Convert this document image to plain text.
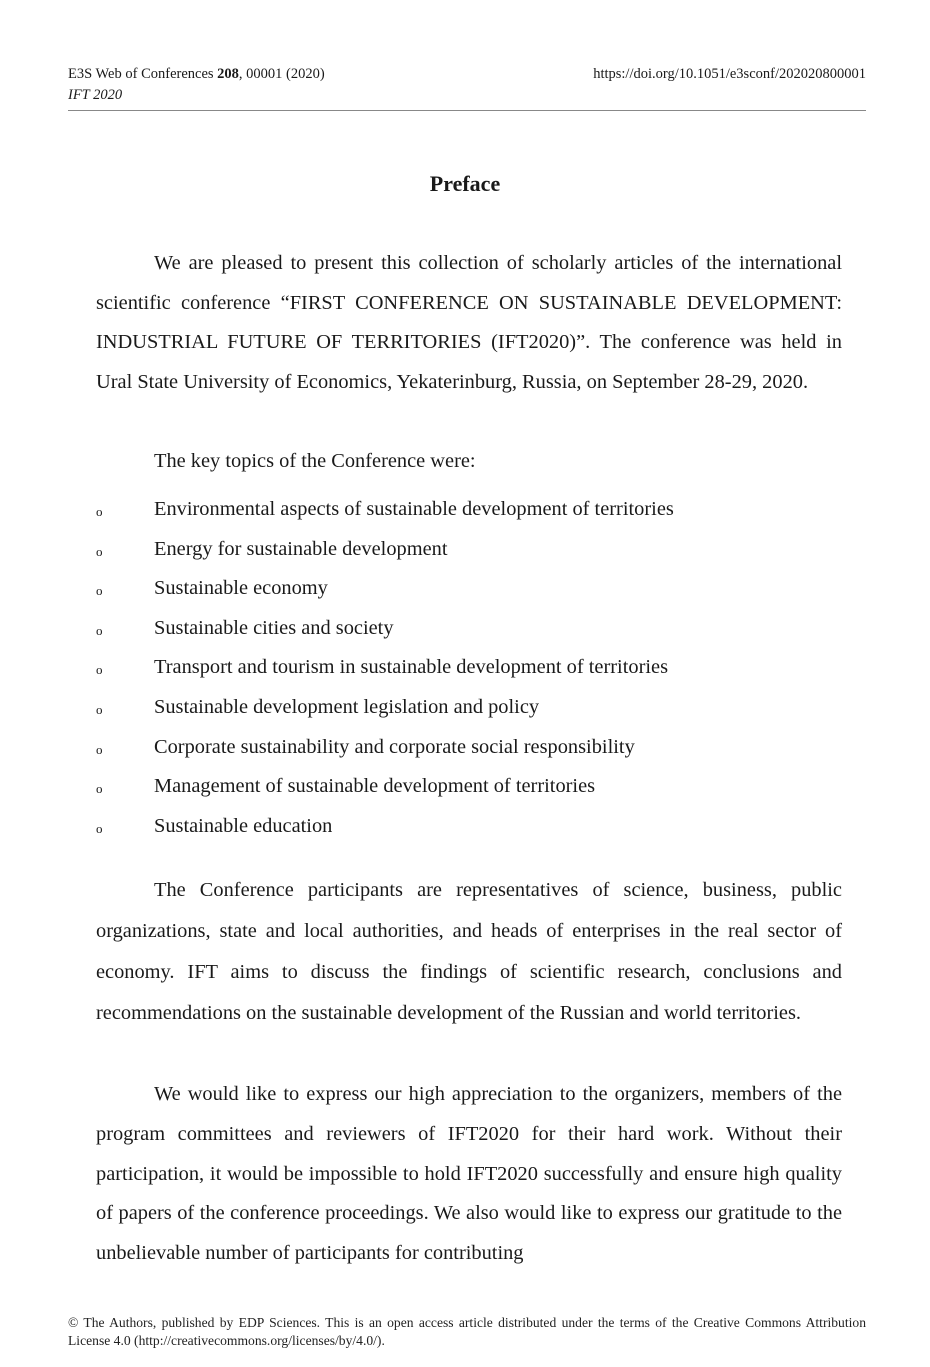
E3S Web of Conferences 208, 00001 (2020)	https://doi.org/10.1051/e3sconf/202020800001
IFT 2020
Preface

We are pleased to present this collection of scholarly articles of the international scientific conference “FIRST CONFERENCE ON SUSTAINABLE DEVELOPMENT: INDUSTRIAL FUTURE OF TERRITORIES (IFT2020)”. The conference was held in Ural State University of Economics, Yekaterinburg, Russia, on September 28-29, 2020.

The key topics of the Conference were:

o	Environmental aspects of sustainable development of territories
o	Energy for sustainable development
o	Sustainable economy
o	Sustainable cities and society
o	Transport and tourism in sustainable development of territories
o	Sustainable development legislation and policy
o	Corporate sustainability and corporate social responsibility
o	Management of sustainable development of territories
o	Sustainable education

The Conference participants are representatives of science, business, public organizations, state and local authorities, and heads of enterprises in the real sector of economy. IFT aims to discuss the findings of scientific research, conclusions and recommendations on the sustainable development of the Russian and world territories.

We would like to express our high appreciation to the organizers, members of the program committees and reviewers of IFT2020 for their hard work. Without their participation, it would be impossible to hold IFT2020 successfully and ensure high quality of papers of the conference proceedings. We also would like to express our gratitude to the unbelievable number of participants for contributing

© The Authors, published by EDP Sciences. This is an open access article distributed under the terms of the Creative Commons Attribution License 4.0 (http://creativecommons.org/licenses/by/4.0/).
